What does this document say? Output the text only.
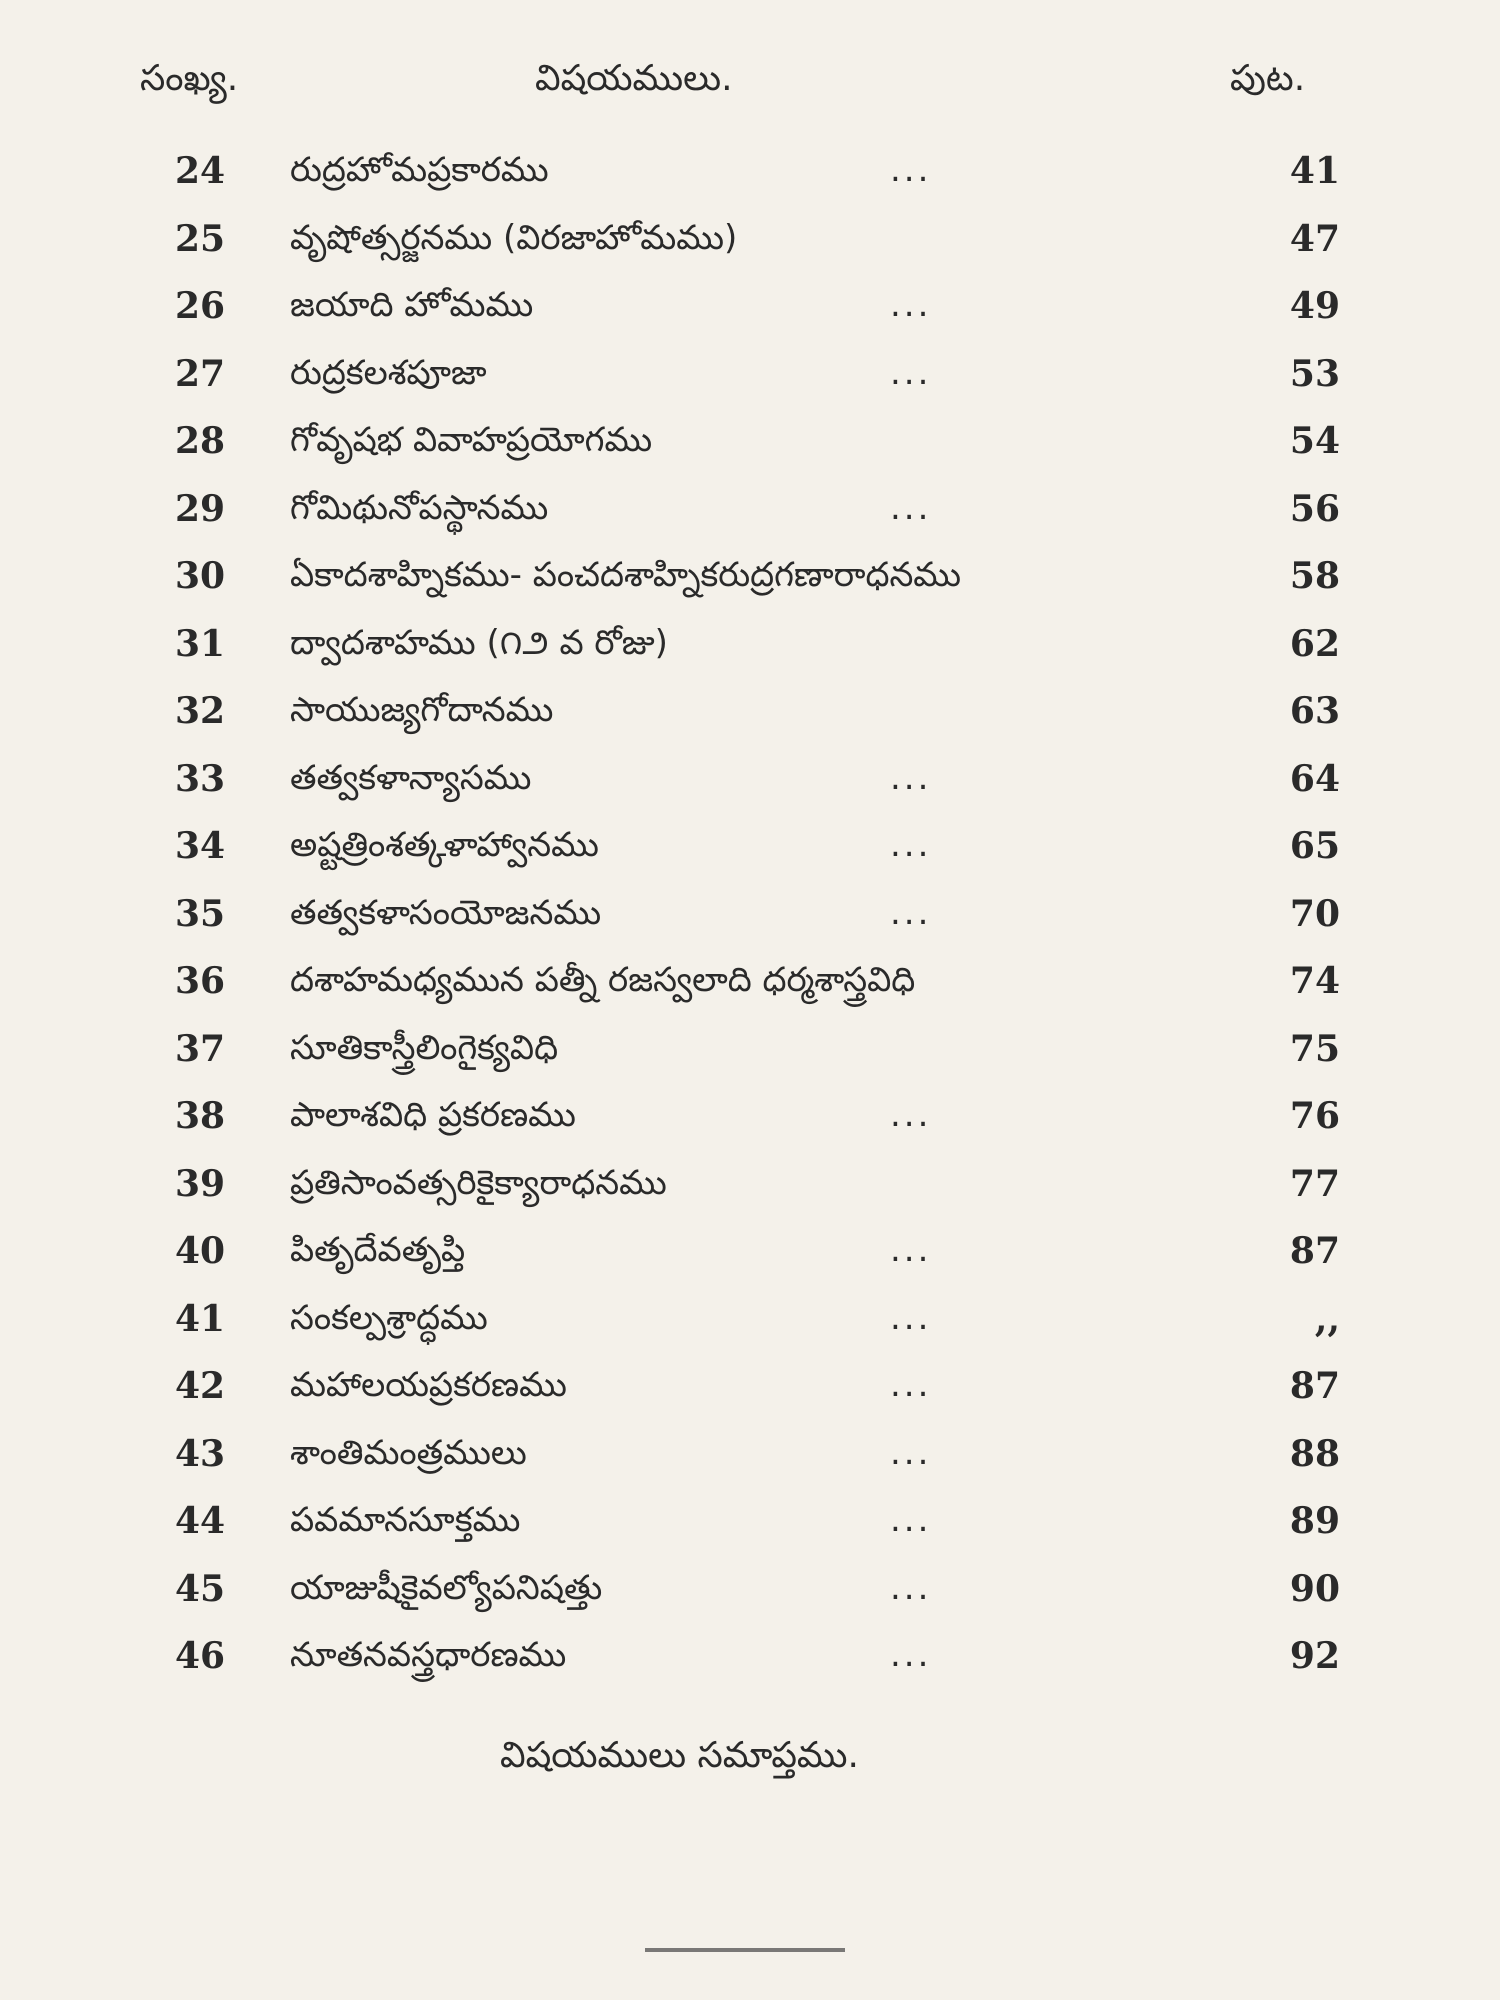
సంఖ్య.	విషయములు.	పుట.
24 రుద్రహోమప్రకారము	...	41
25 వృషోత్సర్జనము (విరజాహోమము)	47
26 జయాది హోమము	...	49
27 రుద్రకలశపూజా	...	53
28 గోవృషభ వివాహప్రయోగము	54
29 గోమిథునోపస్థానము	...	56
30 ఏకాదశాహ్నికము- పంచదశాహ్నికరుద్రగణారాధనము	58
31 ద్వాదశాహము (౧౨ వ రోజు)	62
32 సాయుజ్యగోదానము	63
33 తత్వకళాన్యాసము	...	64
34 అష్టత్రింశత్కళాహ్వానము	...	65
35 తత్వకళాసంయోజనము	...	70
36 దశాహమధ్యమున పత్నీ రజస్వలాది ధర్మశాస్త్రవిధి	74
37 సూతికాస్త్రీలింగైక్యవిధి	75
38 పాలాశవిధి ప్రకరణము	...	76
39 ప్రతిసాంవత్సరికైక్యారాధనము	77
40 పితృదేవతృప్తి	...	87
41 సంకల్పశ్రాద్ధము	...	,,
42 మహాలయప్రకరణము	...	87
43 శాంతిమంత్రములు	...	88
44 పవమానసూక్తము	...	89
45 యాజుషీకైవల్యోపనిషత్తు	...	90
46 నూతనవస్త్రధారణము	...	92
విషయములు సమాప్తము.
